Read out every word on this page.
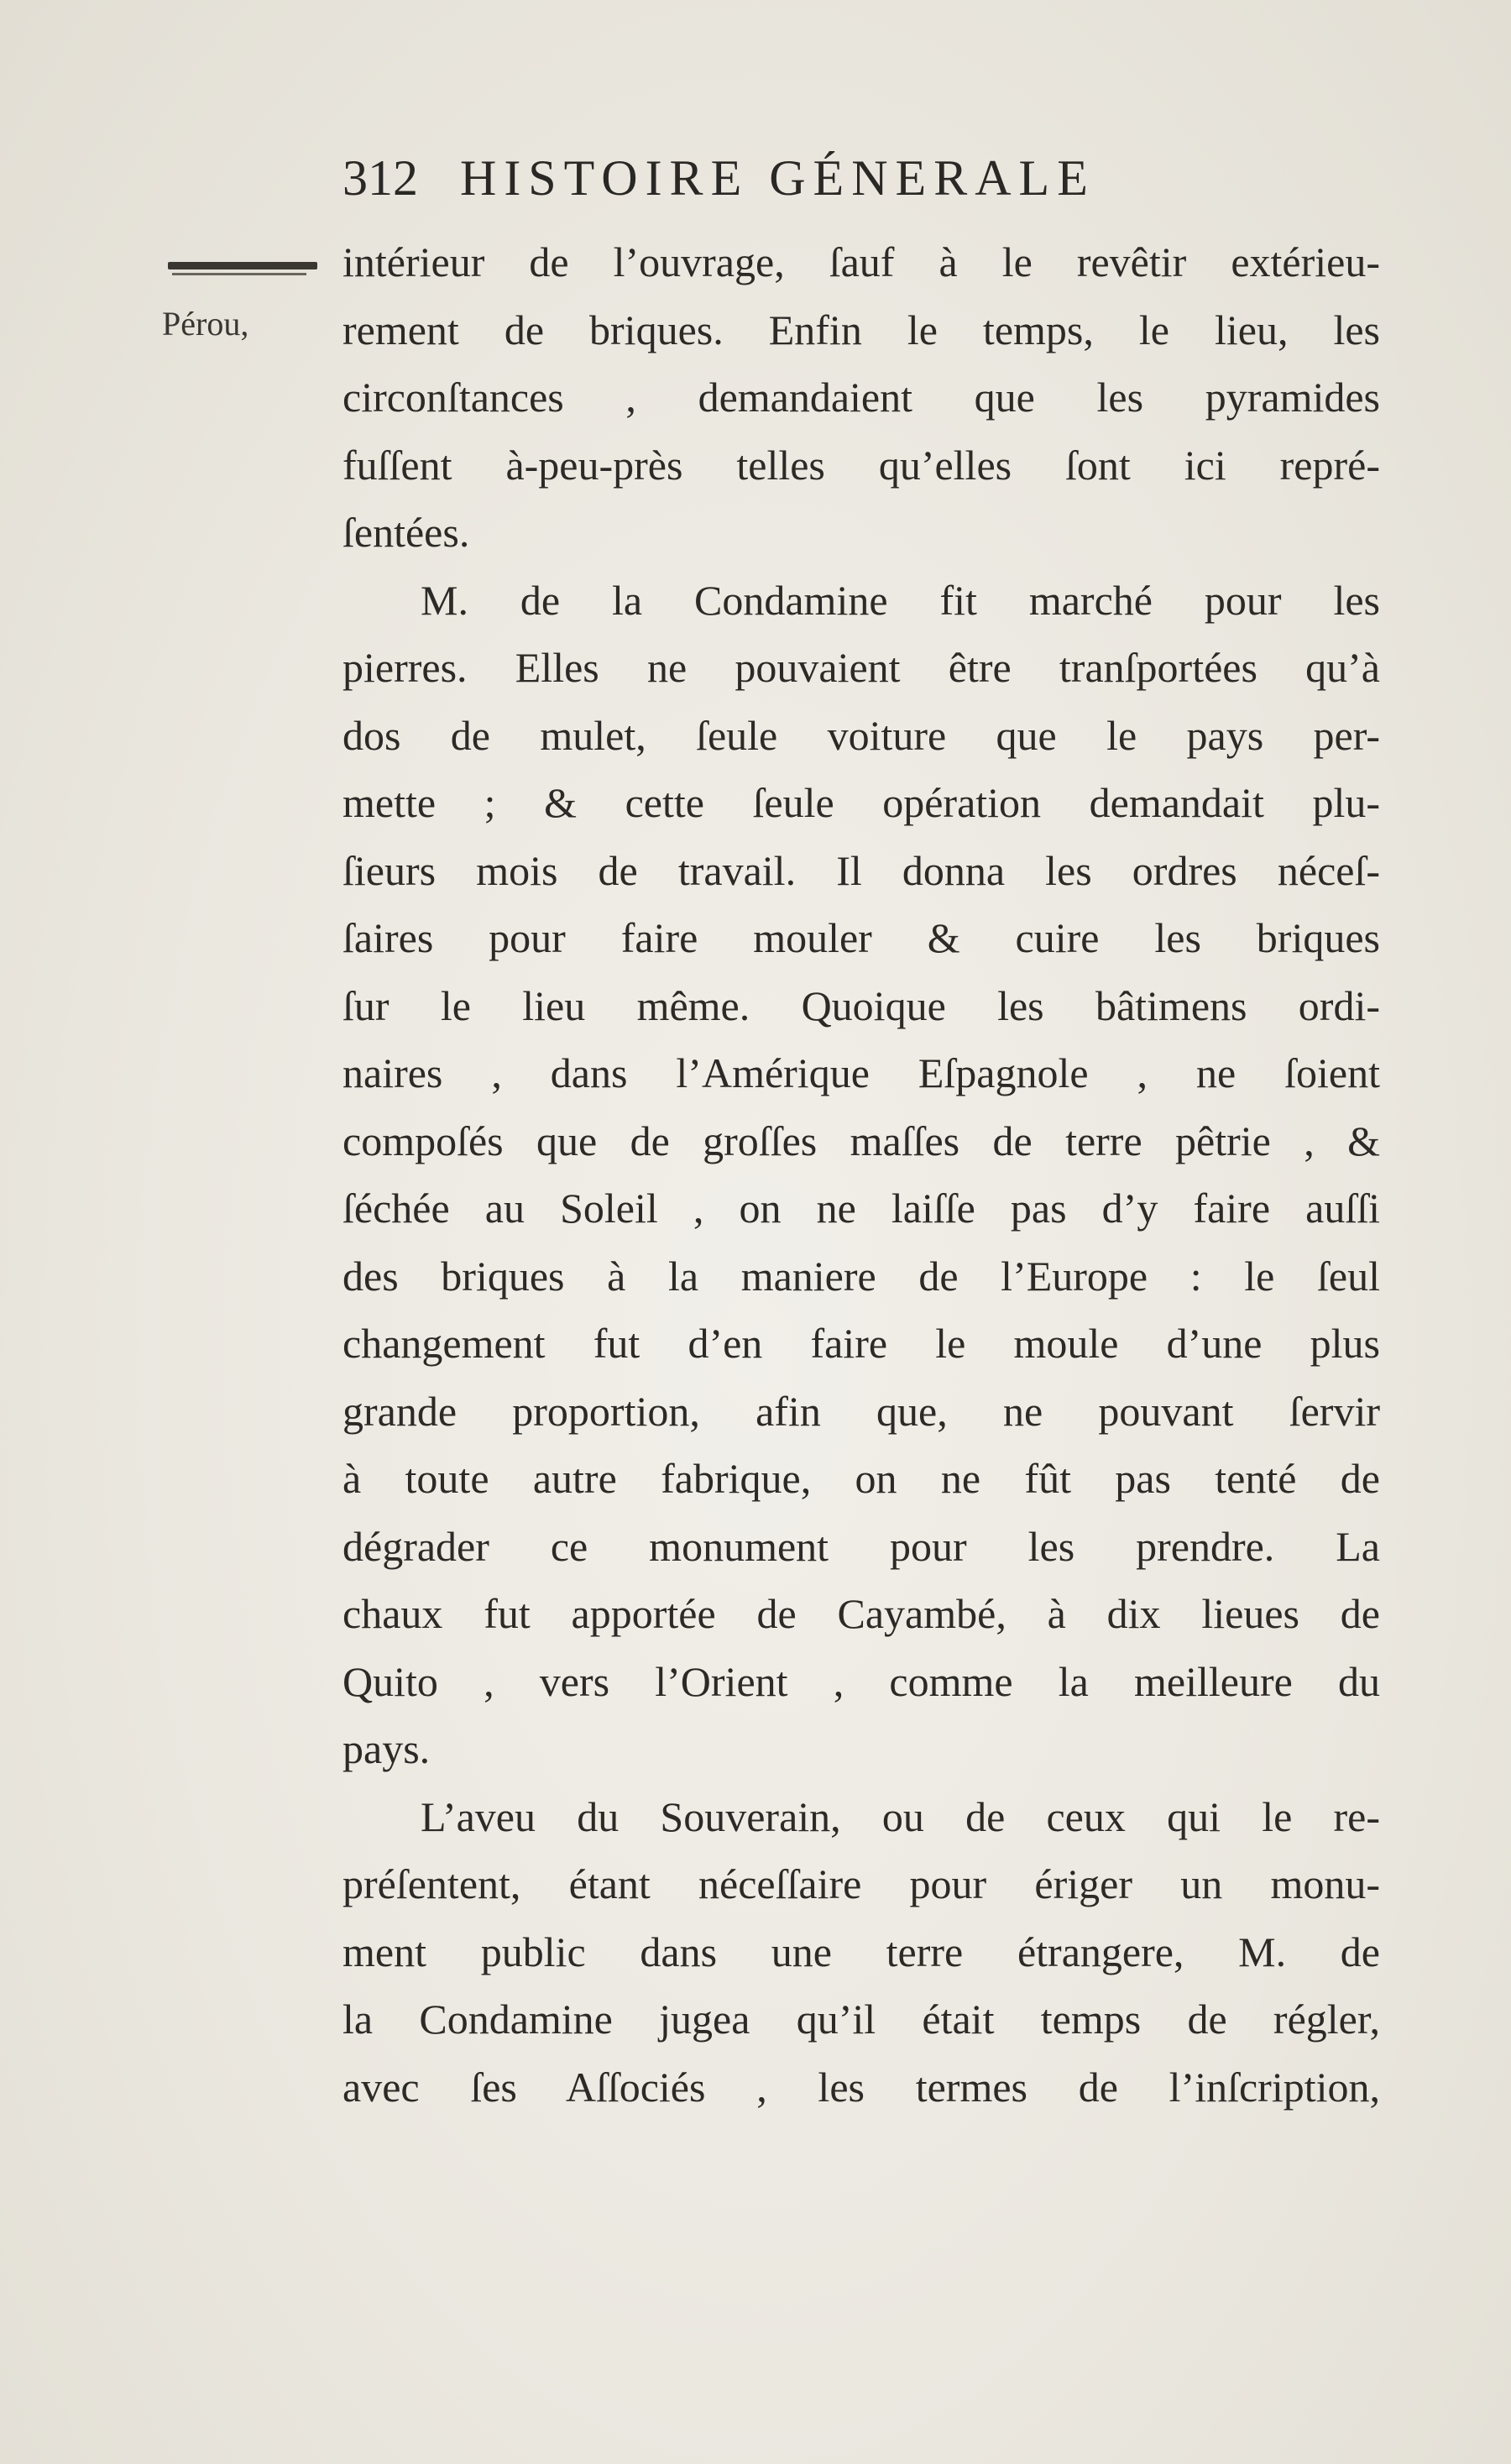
312 HISTOIRE GÉNERALE
Pérou,
intérieur de l’ouvrage, ſauf à le revêtir extérieu-
rement de briques. Enfin le temps, le lieu, les
circonſtances , demandaient que les pyramides
fuſſent à-peu-près telles qu’elles ſont ici repré-
ſentées.
M. de la Condamine fit marché pour les
pierres. Elles ne pouvaient être tranſportées qu’à
dos de mulet, ſeule voiture que le pays per-
mette ; & cette ſeule opération demandait plu-
ſieurs mois de travail. Il donna les ordres néceſ-
ſaires pour faire mouler & cuire les briques
ſur le lieu même. Quoique les bâtimens ordi-
naires , dans l’Amérique Eſpagnole , ne ſoient
compoſés que de groſſes maſſes de terre pêtrie , &
ſéchée au Soleil , on ne laiſſe pas d’y faire auſſi
des briques à la maniere de l’Europe : le ſeul
changement fut d’en faire le moule d’une plus
grande proportion, afin que, ne pouvant ſervir
à toute autre fabrique, on ne fût pas tenté de
dégrader ce monument pour les prendre. La
chaux fut apportée de Cayambé, à dix lieues de
Quito , vers l’Orient , comme la meilleure du
pays.
L’aveu du Souverain, ou de ceux qui le re-
préſentent, étant néceſſaire pour ériger un monu-
ment public dans une terre étrangere, M. de
la Condamine jugea qu’il était temps de régler,
avec ſes Aſſociés , les termes de l’inſcription,
